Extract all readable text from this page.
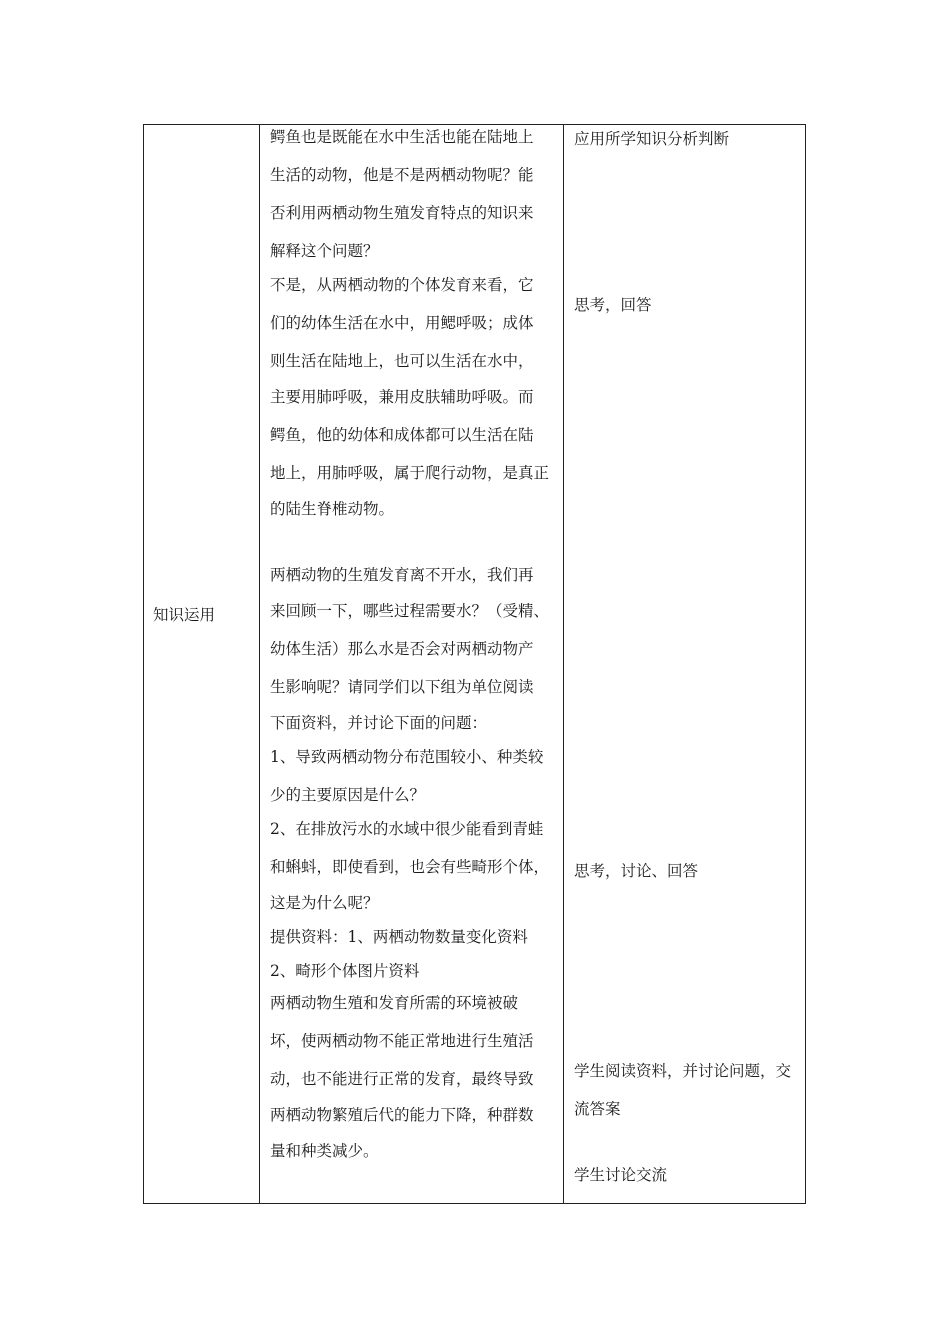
知识运用
鳄鱼也是既能在水中生活也能在陆地上
生活的动物，他是不是两栖动物呢？能
否利用两栖动物生殖发育特点的知识来
解释这个问题？
不是，从两栖动物的个体发育来看，它
们的幼体生活在水中，用鳃呼吸；成体
则生活在陆地上，也可以生活在水中，
主要用肺呼吸，兼用皮肤辅助呼吸。而
鳄鱼，他的幼体和成体都可以生活在陆
地上，用肺呼吸，属于爬行动物，是真正
的陆生脊椎动物。
两栖动物的生殖发育离不开水，我们再
来回顾一下，哪些过程需要水？（受精、
幼体生活）那么水是否会对两栖动物产
生影响呢？请同学们以下组为单位阅读
下面资料，并讨论下面的问题：
1、导致两栖动物分布范围较小、种类较
少的主要原因是什么？
2、在排放污水的水域中很少能看到青蛙
和蝌蚪，即使看到，也会有些畸形个体，
这是为什么呢？
提供资料：1、两栖动物数量变化资料
2、畸形个体图片资料
两栖动物生殖和发育所需的环境被破
坏，使两栖动物不能正常地进行生殖活
动，也不能进行正常的发育，最终导致
两栖动物繁殖后代的能力下降，种群数
量和种类减少。
应用所学知识分析判断
思考，回答
思考，讨论、回答
学生阅读资料，并讨论问题，交
流答案
学生讨论交流
